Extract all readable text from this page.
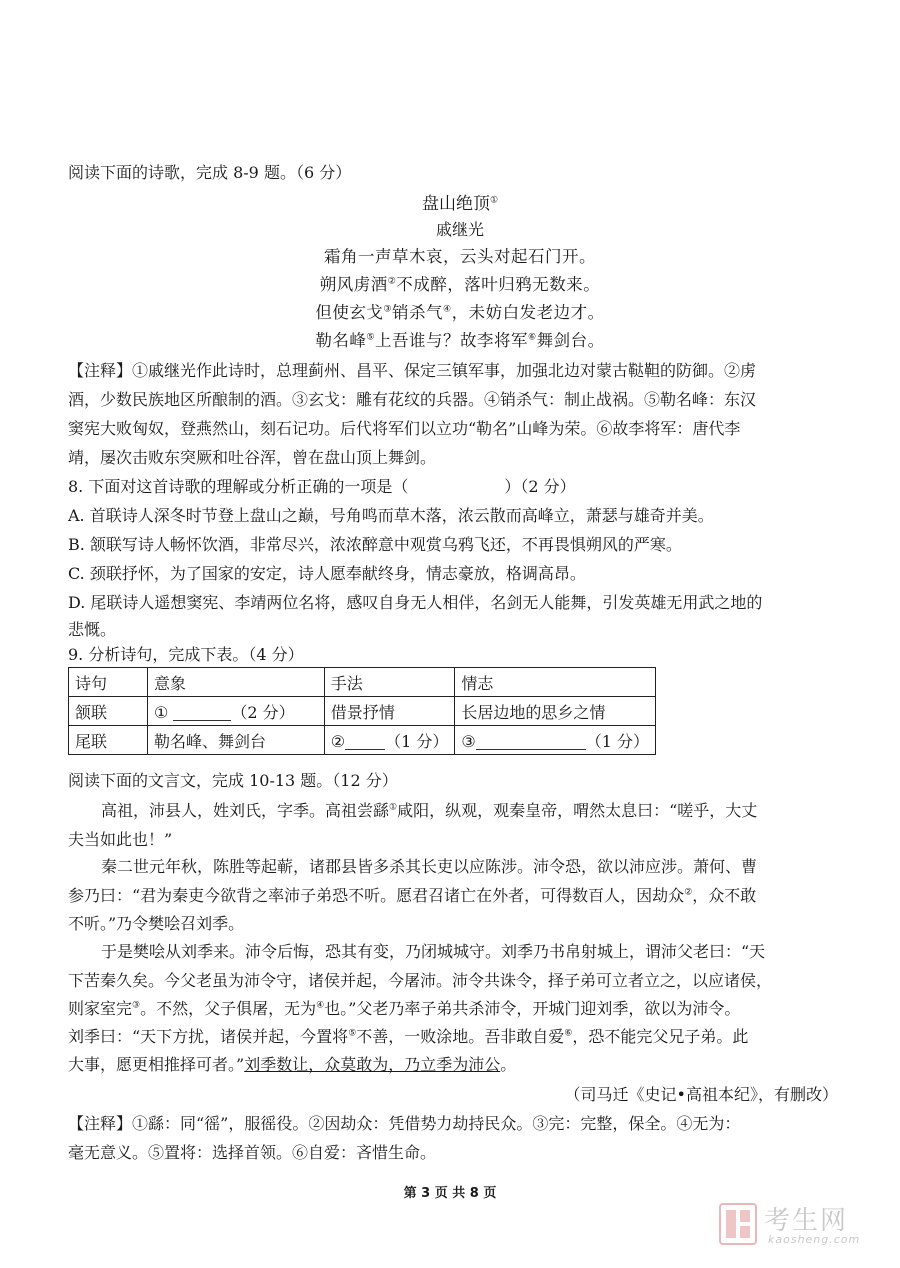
阅读下面的诗歌，完成 8-9 题。（6 分）
盘山绝顶①
戚继光
霜角一声草木哀，云头对起石门开。
朔风虏酒②不成醉，落叶归鸦无数来。
但使玄戈③销杀气④，未妨白发老边才。
勒名峰⑤上吾谁与？故李将军⑥舞剑台。
【注释】①戚继光作此诗时，总理蓟州、昌平、保定三镇军事，加强北边对蒙古鞑靼的防御。②虏
酒，少数民族地区所酿制的酒。③玄戈：雕有花纹的兵器。④销杀气：制止战祸。⑤勒名峰：东汉
窦宪大败匈奴，登燕然山，刻石记功。后代将军们以立功“勒名”山峰为荣。⑥故李将军：唐代李
靖，屡次击败东突厥和吐谷浑，曾在盘山顶上舞剑。
8. 下面对这首诗歌的理解或分析正确的一项是（　　　　　　）（2 分）
A. 首联诗人深冬时节登上盘山之巅，号角鸣而草木落，浓云散而高峰立，萧瑟与雄奇并美。
B. 颔联写诗人畅怀饮酒，非常尽兴，浓浓醉意中观赏乌鸦飞还，不再畏惧朔风的严寒。
C. 颈联抒怀，为了国家的安定，诗人愿奉献终身，情志豪放，格调高昂。
D. 尾联诗人遥想窦宪、李靖两位名将，感叹自身无人相伴，名剑无人能舞，引发英雄无用武之地的
悲慨。
9. 分析诗句，完成下表。（4 分）
诗句	意象	手法	情志
颔联	① （2 分）	借景抒情	长居边地的思乡之情
尾联	勒名峰、舞剑台	② （1 分）	③ （1 分）
阅读下面的文言文，完成 10-13 题。（12 分）
高祖，沛县人，姓刘氏，字季。高祖尝繇①咸阳，纵观，观秦皇帝，喟然太息曰：“嗟乎，大丈
夫当如此也！”
秦二世元年秋，陈胜等起蕲，诸郡县皆多杀其长吏以应陈涉。沛令恐，欲以沛应涉。萧何、曹
参乃曰：“君为秦吏今欲背之率沛子弟恐不听。愿君召诸亡在外者，可得数百人，因劫众②，众不敢
不听。”乃令樊哙召刘季。
于是樊哙从刘季来。沛令后悔，恐其有变，乃闭城城守。刘季乃书帛射城上，谓沛父老曰：“天
下苦秦久矣。今父老虽为沛令守，诸侯并起，今屠沛。沛令共诛令，择子弟可立者立之，以应诸侯，
则家室完③。不然，父子俱屠，无为④也。”父老乃率子弟共杀沛令，开城门迎刘季，欲以为沛令。
刘季曰：“天下方扰，诸侯并起，今置将⑤不善，一败涂地。吾非敢自爱⑥，恐不能完父兄子弟。此
大事，愿更相推择可者。”刘季数让，众莫敢为，乃立季为沛公。
（司马迁《史记•高祖本纪》，有删改）
【注释】①繇：同“徭”，服徭役。②因劫众：凭借势力劫持民众。③完：完整，保全。④无为：
毫无意义。⑤置将：选择首领。⑥自爱：吝惜生命。
第 3 页 共 8 页
考生网
kaosheng.com
